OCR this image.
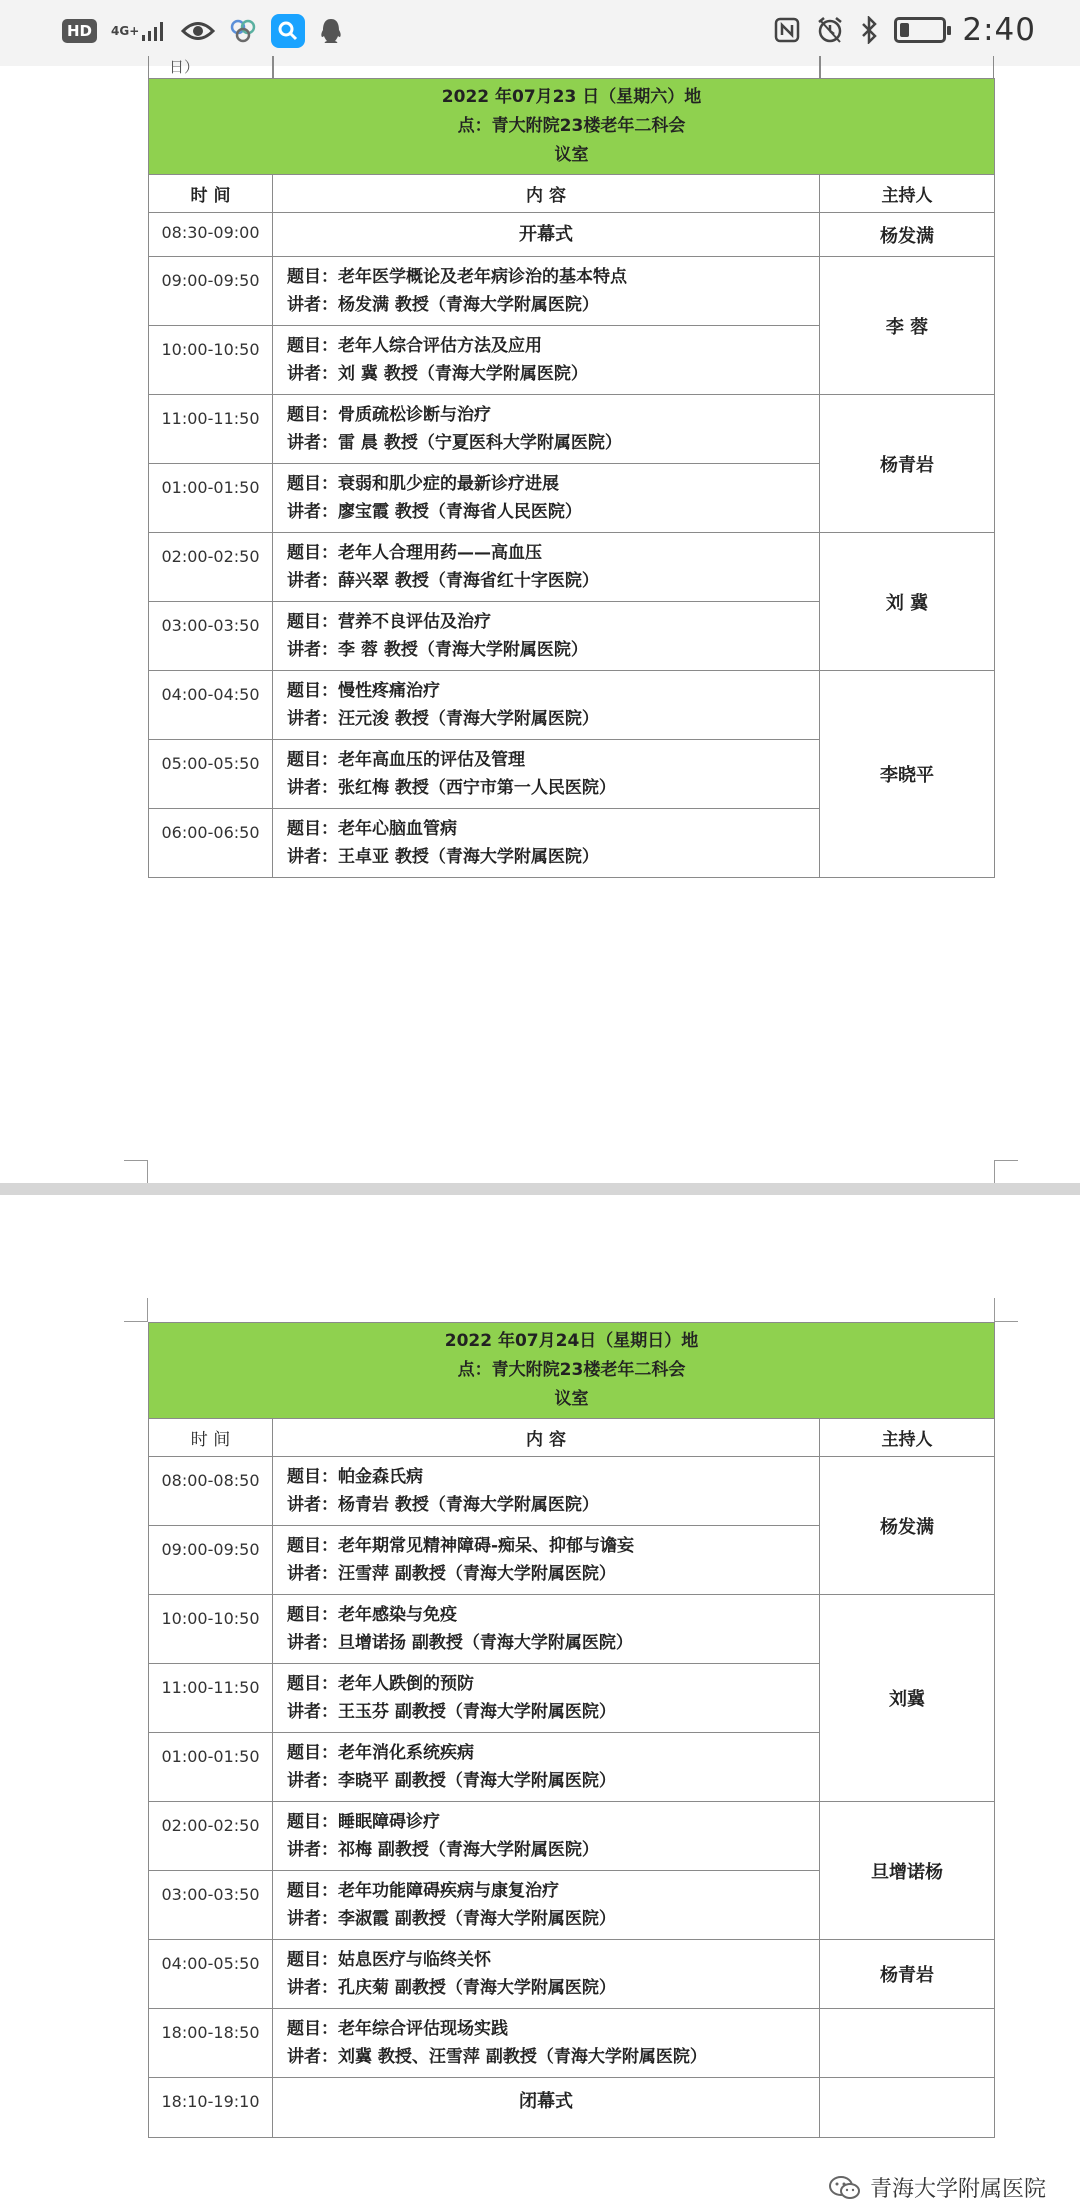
HD	4G+	2:40
日）
2022 年07月23 日（星期六）地
点：青大附院23楼老年二科会
议室		

时 间	内 容	主持人
08:30-09:00	开幕式	杨发满
09:00-09:50	题目：老年医学概论及老年病诊治的基本特点
讲者：杨发满 教授（青海大学附属医院）	李 蓉
10:00-10:50	题目：老年人综合评估方法及应用
讲者：刘 冀 教授（青海大学附属医院）	

11:00-11:50	题目：骨质疏松诊断与治疗
讲者：雷 晨 教授（宁夏医科大学附属医院）	杨青岩
01:00-01:50	题目：衰弱和肌少症的最新诊疗进展
讲者：廖宝霞 教授（青海省人民医院）	

02:00-02:50	题目：老年人合理用药——高血压
讲者：薛兴翠 教授（青海省红十字医院）	刘 冀
03:00-03:50	题目：营养不良评估及治疗
讲者：李 蓉 教授（青海大学附属医院）	

04:00-04:50	题目：慢性疼痛治疗
讲者：汪元浚 教授（青海大学附属医院）	李晓平
05:00-05:50	题目：老年高血压的评估及管理
讲者：张红梅 教授（西宁市第一人民医院）	

06:00-06:50	题目：老年心脑血管病
讲者：王卓亚 教授（青海大学附属医院）	
2022 年07月24日（星期日）地
点：青大附院23楼老年二科会
议室		

时 间	内 容	主持人
08:00-08:50	题目：帕金森氏病
讲者：杨青岩 教授（青海大学附属医院）	杨发满
09:00-09:50	题目：老年期常见精神障碍-痴呆、抑郁与谵妄
讲者：汪雪萍 副教授（青海大学附属医院）	

10:00-10:50	题目：老年感染与免疫
讲者：旦增诺扬 副教授（青海大学附属医院）	刘冀
11:00-11:50	题目：老年人跌倒的预防
讲者：王玉芬 副教授（青海大学附属医院）	

01:00-01:50	题目：老年消化系统疾病
讲者：李晓平 副教授（青海大学附属医院）	

02:00-02:50	题目：睡眠障碍诊疗
讲者：祁梅 副教授（青海大学附属医院）	旦增诺杨
03:00-03:50	题目：老年功能障碍疾病与康复治疗
讲者：李淑霞 副教授（青海大学附属医院）	

04:00-05:50	题目：姑息医疗与临终关怀
讲者：孔庆菊 副教授（青海大学附属医院）	杨青岩
18:00-18:50	题目：老年综合评估现场实践
讲者：刘冀 教授、汪雪萍 副教授（青海大学附属医院）	

18:10-19:10	闭幕式	
青海大学附属医院
